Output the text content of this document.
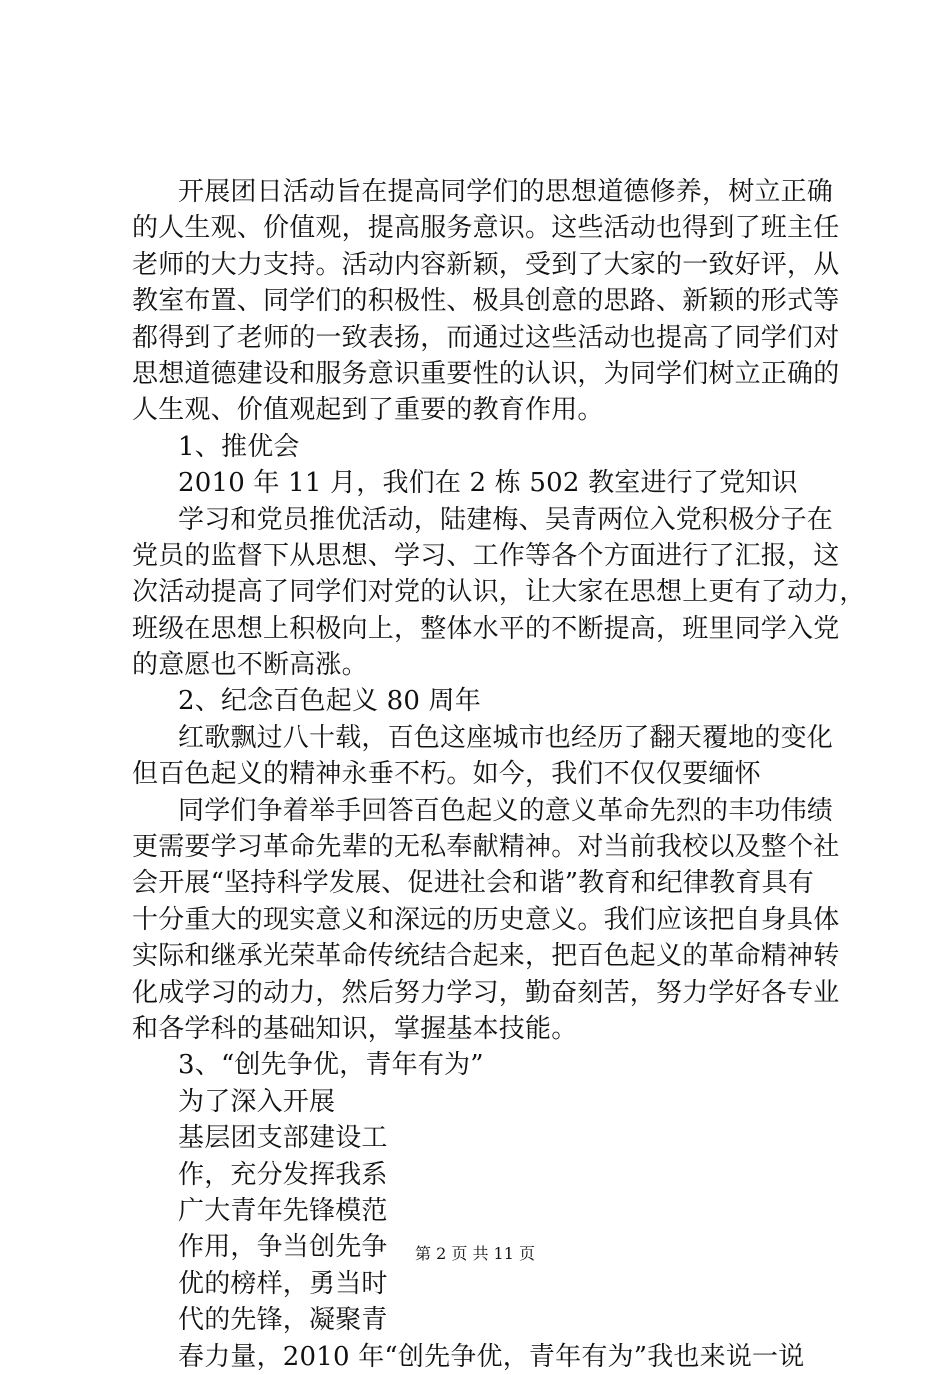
开展团日活动旨在提高同学们的思想道德修养，树立正确
的人生观、价值观，提高服务意识。这些活动也得到了班主任
老师的大力支持。活动内容新颖，受到了大家的一致好评，从
教室布置、同学们的积极性、极具创意的思路、新颖的形式等
都得到了老师的一致表扬，而通过这些活动也提高了同学们对
思想道德建设和服务意识重要性的认识，为同学们树立正确的
人生观、价值观起到了重要的教育作用。
1、推优会
2010 年 11 月，我们在 2 栋 502 教室进行了党知识
学习和党员推优活动，陆建梅、吴青两位入党积极分子在
党员的监督下从思想、学习、工作等各个方面进行了汇报，这
次活动提高了同学们对党的认识，让大家在思想上更有了动力，
班级在思想上积极向上，整体水平的不断提高，班里同学入党
的意愿也不断高涨。
2、纪念百色起义 80 周年
红歌飘过八十载，百色这座城市也经历了翻天覆地的变化
但百色起义的精神永垂不朽。如今，我们不仅仅要缅怀
同学们争着举手回答百色起义的意义革命先烈的丰功伟绩
更需要学习革命先辈的无私奉献精神。对当前我校以及整个社
会开展“坚持科学发展、促进社会和谐”教育和纪律教育具有
十分重大的现实意义和深远的历史意义。我们应该把自身具体
实际和继承光荣革命传统结合起来，把百色起义的革命精神转
化成学习的动力，然后努力学习，勤奋刻苦，努力学好各专业
和各学科的基础知识，掌握基本技能。
3、“创先争优，青年有为”
为了深入开展
基层团支部建设工
作，充分发挥我系
广大青年先锋模范
作用，争当创先争
优的榜样，勇当时
代的先锋，凝聚青
春力量，2010 年“创先争优，青年有为”我也来说一说
第 2 页 共 11 页
